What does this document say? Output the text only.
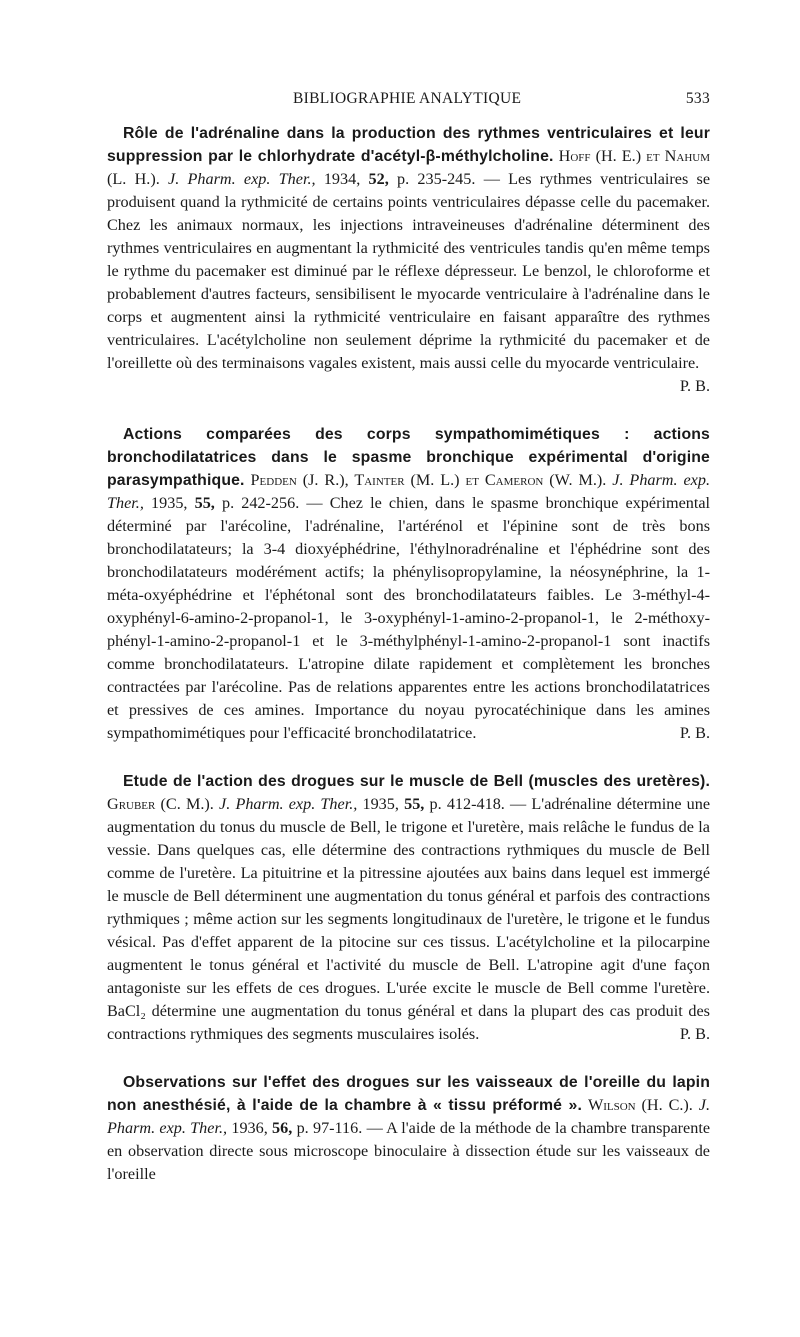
BIBLIOGRAPHIE ANALYTIQUE	533

Rôle de l'adrénaline dans la production des rythmes ventriculaires et leur suppression par le chlorhydrate d'acétyl-β-méthylcholine. Hoff (H. E.) et Nahum (L. H.). J. Pharm. exp. Ther., 1934, 52, p. 235-245. — Les rythmes ventriculaires se produisent quand la rythmicité de certains points ventriculaires dépasse celle du pacemaker. Chez les animaux normaux, les injections intraveineuses d'adrénaline déterminent des rythmes ventriculaires en augmentant la rythmicité des ventricules tandis qu'en même temps le rythme du pacemaker est diminué par le réflexe dépresseur. Le benzol, le chloroforme et probablement d'autres facteurs, sensibilisent le myocarde ventriculaire à l'adrénaline dans le corps et augmentent ainsi la rythmicité ventriculaire en faisant apparaître des rythmes ventriculaires. L'acétylcholine non seulement déprime la rythmicité du pacemaker et de l'oreillette où des terminaisons vagales existent, mais aussi celle du myocarde ventriculaire.
P. B.

Actions comparées des corps sympathomimétiques : actions bronchodilatatrices dans le spasme bronchique expérimental d'origine parasympathique. Pedden (J. R.), Tainter (M. L.) et Cameron (W. M.). J. Pharm. exp. Ther., 1935, 55, p. 242-256. — Chez le chien, dans le spasme bronchique expérimental déterminé par l'arécoline, l'adrénaline, l'artérénol et l'épinine sont de très bons bronchodilatateurs; la 3-4 dioxyéphédrine, l'éthylnoradrénaline et l'éphédrine sont des bronchodilatateurs modérément actifs; la phénylisopropylamine, la néosynéphrine, la 1-méta-oxyéphédrine et l'éphétonal sont des bronchodilatateurs faibles. Le 3-méthyl-4-oxyphényl-6-amino-2-propanol-1, le 3-oxyphényl-1-amino-2-propanol-1, le 2-méthoxy-phényl-1-amino-2-propanol-1 et le 3-méthylphényl-1-amino-2-propanol-1 sont inactifs comme bronchodilatateurs. L'atropine dilate rapidement et complètement les bronches contractées par l'arécoline. Pas de relations apparentes entre les actions bronchodilatatrices et pressives de ces amines. Importance du noyau pyrocatéchinique dans les amines sympathomimétiques pour l'efficacité bronchodilatatrice.	P. B.

Etude de l'action des drogues sur le muscle de Bell (muscles des uretères). Gruber (C. M.). J. Pharm. exp. Ther., 1935, 55, p. 412-418. — L'adrénaline détermine une augmentation du tonus du muscle de Bell, le trigone et l'uretère, mais relâche le fundus de la vessie. Dans quelques cas, elle détermine des contractions rythmiques du muscle de Bell comme de l'uretère. La pituitrine et la pitressine ajoutées aux bains dans lequel est immergé le muscle de Bell déterminent une augmentation du tonus général et parfois des contractions rythmiques ; même action sur les segments longitudinaux de l'uretère, le trigone et le fundus vésical. Pas d'effet apparent de la pitocine sur ces tissus. L'acétylcholine et la pilocarpine augmentent le tonus général et l'activité du muscle de Bell. L'atropine agit d'une façon antagoniste sur les effets de ces drogues. L'urée excite le muscle de Bell comme l'uretère. BaCl₂ détermine une augmentation du tonus général et dans la plupart des cas produit des contractions rythmiques des segments musculaires isolés.	P. B.

Observations sur l'effet des drogues sur les vaisseaux de l'oreille du lapin non anesthésié, à l'aide de la chambre à « tissu préformé ». Wilson (H. C.). J. Pharm. exp. Ther., 1936, 56, p. 97-116. — A l'aide de la méthode de la chambre transparente en observation directe sous microscope binoculaire à dissection étude sur les vaisseaux de l'oreille
